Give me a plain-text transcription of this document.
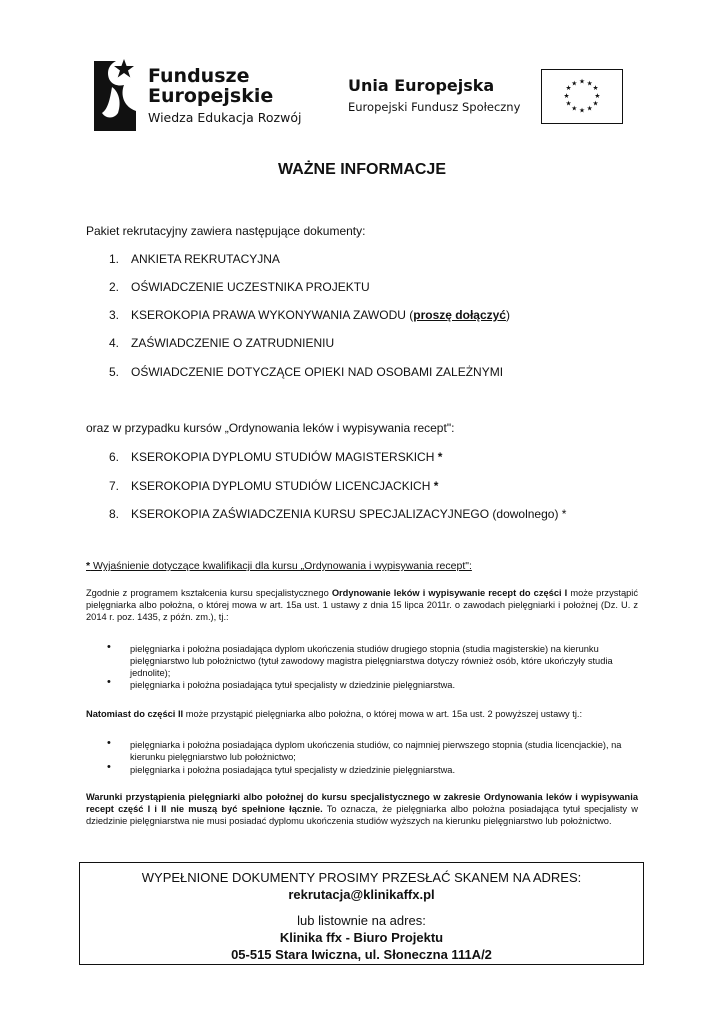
Fundusze
Europejskie
Wiedza Edukacja Rozwój
Unia Europejska
Europejski Fundusz Społeczny
★ ★
★
★
★
★
★
★
★
★
★
★
WAŻNE INFORMACJE
Pakiet rekrutacyjny zawiera następujące dokumenty:
1. ANKIETA REKRUTACYJNA
2. OŚWIADCZENIE UCZESTNIKA PROJEKTU
3. KSEROKOPIA PRAWA WYKONYWANIA ZAWODU (proszę dołączyć)
4. ZAŚWIADCZENIE O ZATRUDNIENIU
5. OŚWIADCZENIE DOTYCZĄCE OPIEKI NAD OSOBAMI ZALEŻNYMI
oraz w przypadku kursów „Ordynowania leków i wypisywania recept":
6. KSEROKOPIA DYPLOMU STUDIÓW MAGISTERSKICH *
7. KSEROKOPIA DYPLOMU STUDIÓW LICENCJACKICH *
8. KSEROKOPIA ZAŚWIADCZENIA KURSU SPECJALIZACYJNEGO (dowolnego) *
* Wyjaśnienie dotyczące kwalifikacji dla kursu „Ordynowania i wypisywania recept":
Zgodnie z programem kształcenia kursu specjalistycznego Ordynowanie leków i wypisywanie recept do części I może przystąpić pielęgniarka albo położna, o której mowa w art. 15a ust. 1 ustawy z dnia 15 lipca 2011r. o zawodach pielęgniarki i położnej (Dz. U. z 2014 r. poz. 1435, z późn. zm.), tj.:
• pielęgniarka i położna posiadająca dyplom ukończenia studiów drugiego stopnia (studia magisterskie) na kierunku pielęgniarstwo lub położnictwo (tytuł zawodowy magistra pielęgniarstwa dotyczy również osób, które ukończyły studia jednolite);
• pielęgniarka i położna posiadająca tytuł specjalisty w dziedzinie pielęgniarstwa.
Natomiast do części II może przystąpić pielęgniarka albo położna, o której mowa w art. 15a ust. 2 powyższej ustawy tj.:
• pielęgniarka i położna posiadająca dyplom ukończenia studiów, co najmniej pierwszego stopnia (studia licencjackie), na kierunku pielęgniarstwo lub położnictwo;
• pielęgniarka i położna posiadająca tytuł specjalisty w dziedzinie pielęgniarstwa.
Warunki przystąpienia pielęgniarki albo położnej do kursu specjalistycznego w zakresie Ordynowania leków i wypisywania recept część I i II nie muszą być spełnione łącznie. To oznacza, że pielęgniarka albo położna posiadająca tytuł specjalisty w dziedzinie pielęgniarstwa nie musi posiadać dyplomu ukończenia studiów wyższych na kierunku pielęgniarstwo lub położnictwo.
WYPEŁNIONE DOKUMENTY PROSIMY PRZESŁAĆ SKANEM NA ADRES:
rekrutacja@klinikaffx.pl
lub listownie na adres:
Klinika ffx - Biuro Projektu
05-515 Stara Iwiczna, ul. Słoneczna 111A/2
